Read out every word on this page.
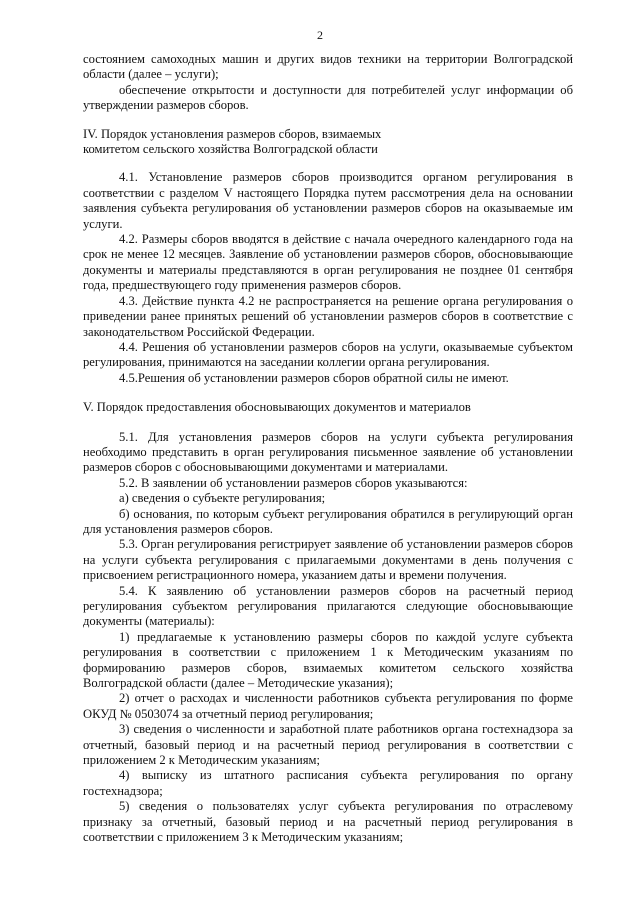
2

состоянием самоходных машин и других видов техники на территории Волгоградской области (далее – услуги);

обеспечение открытости и доступности для потребителей услуг информации об утверждении размеров сборов.

IV. Порядок установления размеров сборов, взимаемых
комитетом сельского хозяйства Волгоградской области

4.1. Установление размеров сборов производится органом регулирования в соответствии с разделом V настоящего Порядка путем рассмотрения дела на основании заявления субъекта регулирования об установлении размеров сборов на оказываемые им услуги.

4.2. Размеры сборов вводятся в действие с начала очередного календарного года на срок не менее 12 месяцев. Заявление об установлении размеров сборов, обосновывающие документы и материалы представляются в орган регулирования не позднее 01 сентября года, предшествующего году применения размеров сборов.

4.3. Действие пункта 4.2 не распространяется на решение органа регулирования о приведении ранее принятых решений об установлении размеров сборов в соответствие с законодательством Российской Федерации.

4.4. Решения об установлении размеров сборов на услуги, оказываемые субъектом регулирования, принимаются на заседании коллегии органа регулирования.

4.5.Решения об установлении размеров сборов обратной силы не имеют.

V. Порядок предоставления обосновывающих документов и материалов

5.1. Для установления размеров сборов на услуги субъекта регулирования необходимо представить в орган регулирования письменное заявление об установлении размеров сборов с обосновывающими документами и материалами.

5.2. В заявлении об установлении размеров сборов указываются:

а) сведения о субъекте регулирования;

б) основания, по которым субъект регулирования обратился в регулирующий орган для установления размеров сборов.

5.3. Орган регулирования регистрирует заявление об установлении размеров сборов на услуги субъекта регулирования с прилагаемыми документами в день получения с присвоением регистрационного номера, указанием даты и времени получения.

5.4. К заявлению об установлении размеров сборов на расчетный период регулирования субъектом регулирования прилагаются следующие обосновывающие документы (материалы):

1) предлагаемые к установлению размеры сборов по каждой услуге субъекта регулирования в соответствии с приложением 1 к Методическим указаниям по формированию размеров сборов, взимаемых комитетом сельского хозяйства Волгоградской области (далее – Методические указания);

2) отчет о расходах и численности работников субъекта регулирования по форме ОКУД № 0503074 за отчетный период регулирования;

3) сведения о численности и заработной плате работников органа гостехнадзора за отчетный, базовый период и на расчетный период регулирования в соответствии с приложением 2 к Методическим указаниям;

4) выписку из штатного расписания субъекта регулирования по органу гостехнадзора;

5) сведения о пользователях услуг субъекта регулирования по отраслевому признаку за отчетный, базовый период и на расчетный период регулирования в соответствии с приложением 3 к Методическим указаниям;
